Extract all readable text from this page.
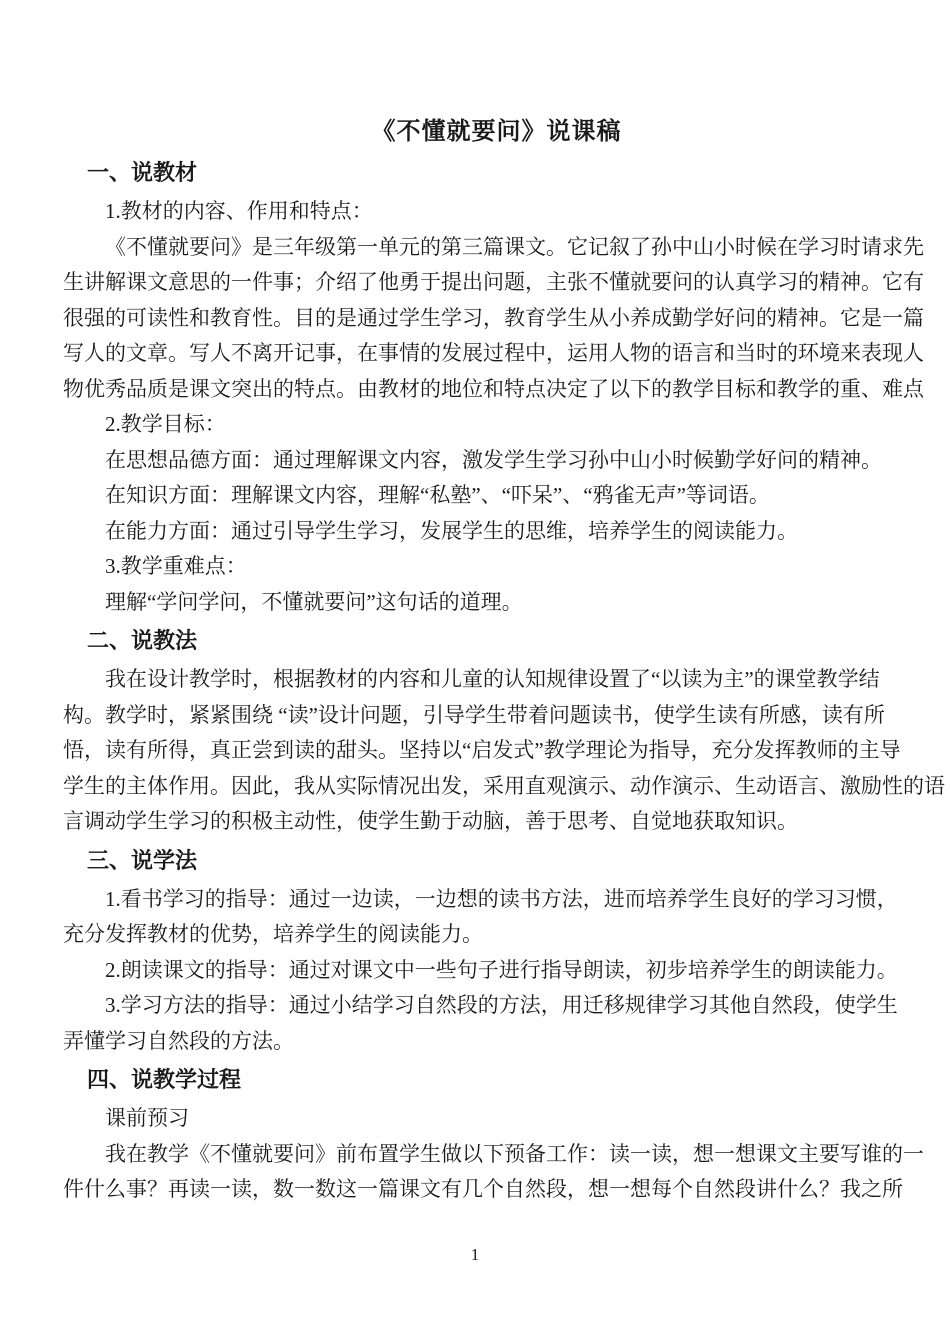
《不懂就要问》说课稿
一、说教材
1.教材的内容、作用和特点：
《不懂就要问》是三年级第一单元的第三篇课文。它记叙了孙中山小时候在学习时请求先
生讲解课文意思的一件事；介绍了他勇于提出问题，主张不懂就要问的认真学习的精神。它有
很强的可读性和教育性。目的是通过学生学习，教育学生从小养成勤学好问的精神。它是一篇
写人的文章。写人不离开记事，在事情的发展过程中，运用人物的语言和当时的环境来表现人
物优秀品质是课文突出的特点。由教材的地位和特点决定了以下的教学目标和教学的重、难点
2.教学目标：
在思想品德方面：通过理解课文内容，激发学生学习孙中山小时候勤学好问的精神。
在知识方面：理解课文内容，理解“私塾”、“吓呆”、“鸦雀无声”等词语。
在能力方面：通过引导学生学习，发展学生的思维，培养学生的阅读能力。
3.教学重难点：
理解“学问学问，不懂就要问”这句话的道理。
二、说教法
我在设计教学时，根据教材的内容和儿童的认知规律设置了“以读为主”的课堂教学结
构。教学时，紧紧围绕 “读”设计问题，引导学生带着问题读书，使学生读有所感，读有所
悟，读有所得，真正尝到读的甜头。坚持以“启发式”教学理论为指导，充分发挥教师的主导
学生的主体作用。因此，我从实际情况出发，采用直观演示、动作演示、生动语言、激励性的语
言调动学生学习的积极主动性，使学生勤于动脑，善于思考、自觉地获取知识。
三、说学法
1.看书学习的指导：通过一边读，一边想的读书方法，进而培养学生良好的学习习惯，
充分发挥教材的优势，培养学生的阅读能力。
2.朗读课文的指导：通过对课文中一些句子进行指导朗读，初步培养学生的朗读能力。
3.学习方法的指导：通过小结学习自然段的方法，用迁移规律学习其他自然段，使学生
弄懂学习自然段的方法。
四、说教学过程
课前预习
我在教学《不懂就要问》前布置学生做以下预备工作：读一读，想一想课文主要写谁的一
件什么事？再读一读，数一数这一篇课文有几个自然段，想一想每个自然段讲什么？我之所
1
